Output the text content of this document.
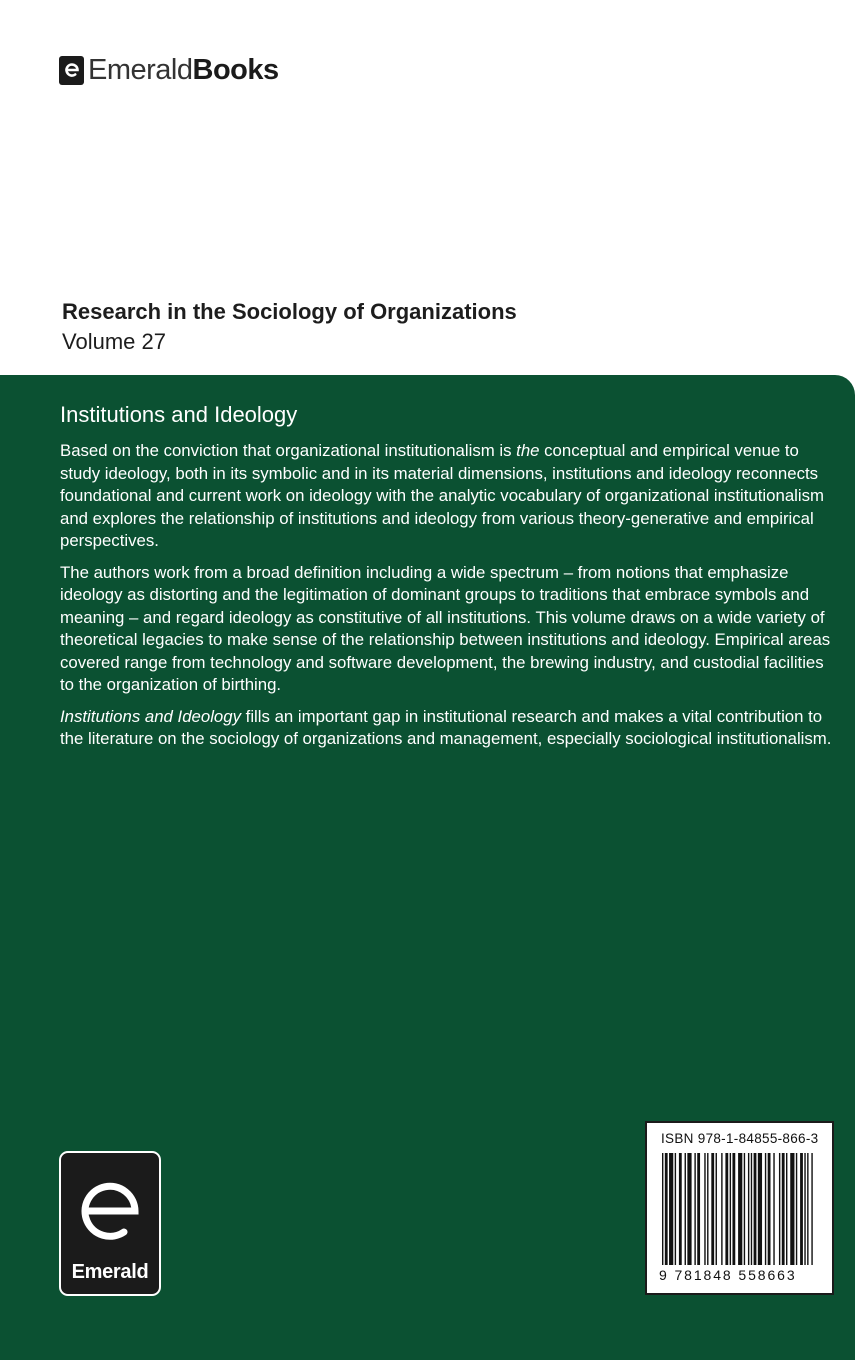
Emerald Books
Research in the Sociology of Organizations
Volume 27
Institutions and Ideology

Based on the conviction that organizational institutionalism is the conceptual and empirical venue to study ideology, both in its symbolic and in its material dimensions, institutions and ideology reconnects foundational and current work on ideology with the analytic vocabulary of organizational institutionalism and explores the relationship of institutions and ideology from various theory-generative and empirical perspectives.

The authors work from a broad definition including a wide spectrum – from notions that emphasize ideology as distorting and the legitimation of dominant groups to traditions that embrace symbols and meaning – and regard ideology as constitutive of all institutions. This volume draws on a wide variety of theoretical legacies to make sense of the relationship between institutions and ideology. Empirical areas covered range from technology and software development, the brewing industry, and custodial facilities to the organization of birthing.

Institutions and Ideology fills an important gap in institutional research and makes a vital contribution to the literature on the sociology of organizations and management, especially sociological institutionalism.

Emerald
ISBN 978-1-84855-866-3
9 781848 558663
